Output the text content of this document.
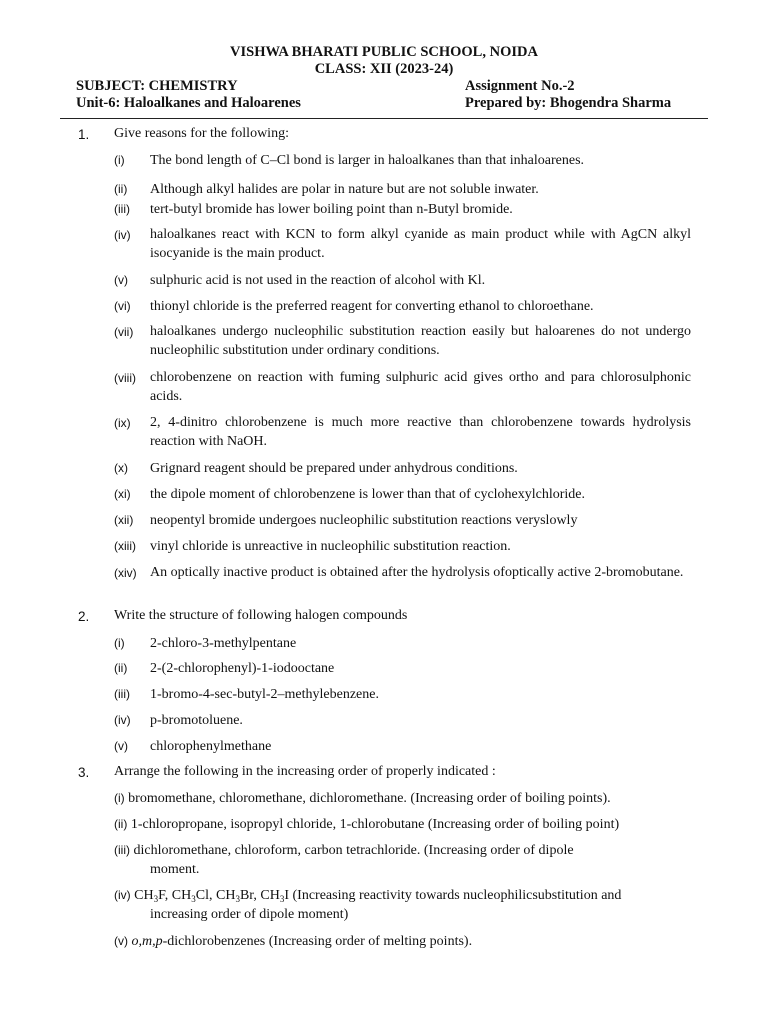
VISHWA BHARATI PUBLIC SCHOOL, NOIDA
CLASS: XII (2023-24)
SUBJECT: CHEMISTRY	Assignment No.-2
Unit-6: Haloalkanes and Haloarenes	Prepared by: Bhogendra Sharma
1. Give reasons for the following:
(i) The bond length of C–Cl bond is larger in haloalkanes than that inhaloarenes.
(ii) Although alkyl halides are polar in nature but are not soluble inwater.
(iii) tert-butyl bromide has lower boiling point than n-Butyl bromide.
(iv) haloalkanes react with KCN to form alkyl cyanide as main product while with AgCN alkyl isocyanide is the main product.
(v) sulphuric acid is not used in the reaction of alcohol with Kl.
(vi) thionyl chloride is the preferred reagent for converting ethanol to chloroethane.
(vii) haloalkanes undergo nucleophilic substitution reaction easily but haloarenes do not undergo nucleophilic substitution under ordinary conditions.
(viii) chlorobenzene on reaction with fuming sulphuric acid gives ortho and para chlorosulphonic acids.
(ix) 2, 4-dinitro chlorobenzene is much more reactive than chlorobenzene towards hydrolysis reaction with NaOH.
(x) Grignard reagent should be prepared under anhydrous conditions.
(xi) the dipole moment of chlorobenzene is lower than that of cyclohexylchloride.
(xii) neopentyl bromide undergoes nucleophilic substitution reactions veryslowly
(xiii) vinyl chloride is unreactive in nucleophilic substitution reaction.
(xiv) An optically inactive product is obtained after the hydrolysis ofoptically active 2-bromobutane.
2. Write the structure of following halogen compounds
(i) 2-chloro-3-methylpentane
(ii) 2-(2-chlorophenyl)-1-iodooctane
(iii) 1-bromo-4-sec-butyl-2–methylebenzene.
(iv) p-bromotoluene.
(v) chlorophenylmethane
3. Arrange the following in the increasing order of properly indicated :
(i) bromomethane, chloromethane, dichloromethane. (Increasing order of boiling points).
(ii) 1-chloropropane, isopropyl chloride, 1-chlorobutane (Increasing order of boiling point)
(iii) dichloromethane, chloroform, carbon tetrachloride. (Increasing order of dipole
moment.
(iv) $CH_3F$, $CH_3Cl$, $CH_3Br$, $CH_3I$ (Increasing reactivity towards nucleophilicsubstitution and
increasing order of dipole moment)
(v) o,m,p-dichlorobenzenes (Increasing order of melting points).
